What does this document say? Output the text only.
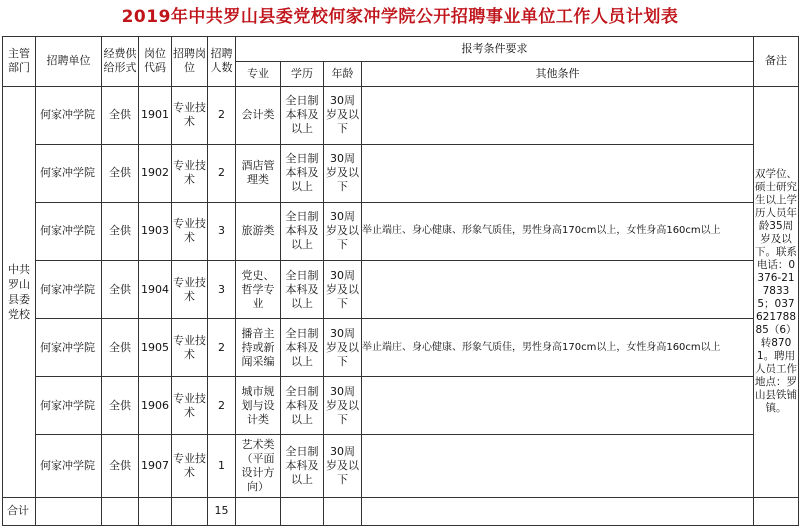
2019年中共罗山县委党校何家冲学院公开招聘事业单位工作人员计划表
主管部门	招聘单位	经费供给形式	岗位代码	招聘岗位	招聘人数	报考条件要求				备注
						专业	学历	年龄	其他条件	
中共罗山县委党校	何家冲学院	全供	1901	专业技术	2	会计类	全日制本科及以上	30周岁及以下		双学位、硕士研究生以上学历人员年龄35周岁及以下。联系电话：0376-2178335；03762178885（6）转8701。聘用人员工作地点：罗山县铁铺镇。
	何家冲学院	全供	1902	专业技术	2	酒店管理类	全日制本科及以上	30周岁及以下		
	何家冲学院	全供	1903	专业技术	3	旅游类	全日制本科及以上	30周岁及以下	举止端庄、身心健康、形象气质佳，男性身高170cm以上，女性身高160cm以上	
	何家冲学院	全供	1904	专业技术	3	党史、哲学专业	全日制本科及以上	30周岁及以下		
	何家冲学院	全供	1905	专业技术	2	播音主持或新闻采编	全日制本科及以上	30周岁及以下	举止端庄、身心健康、形象气质佳，男性身高170cm以上，女性身高160cm以上	
	何家冲学院	全供	1906	专业技术	2	城市规划与设计类	全日制本科及以上	30周岁及以下		
	何家冲学院	全供	1907	专业技术	1	艺术类（平面设计方向）	全日制本科及以上	30周岁及以下		
合计					15					
